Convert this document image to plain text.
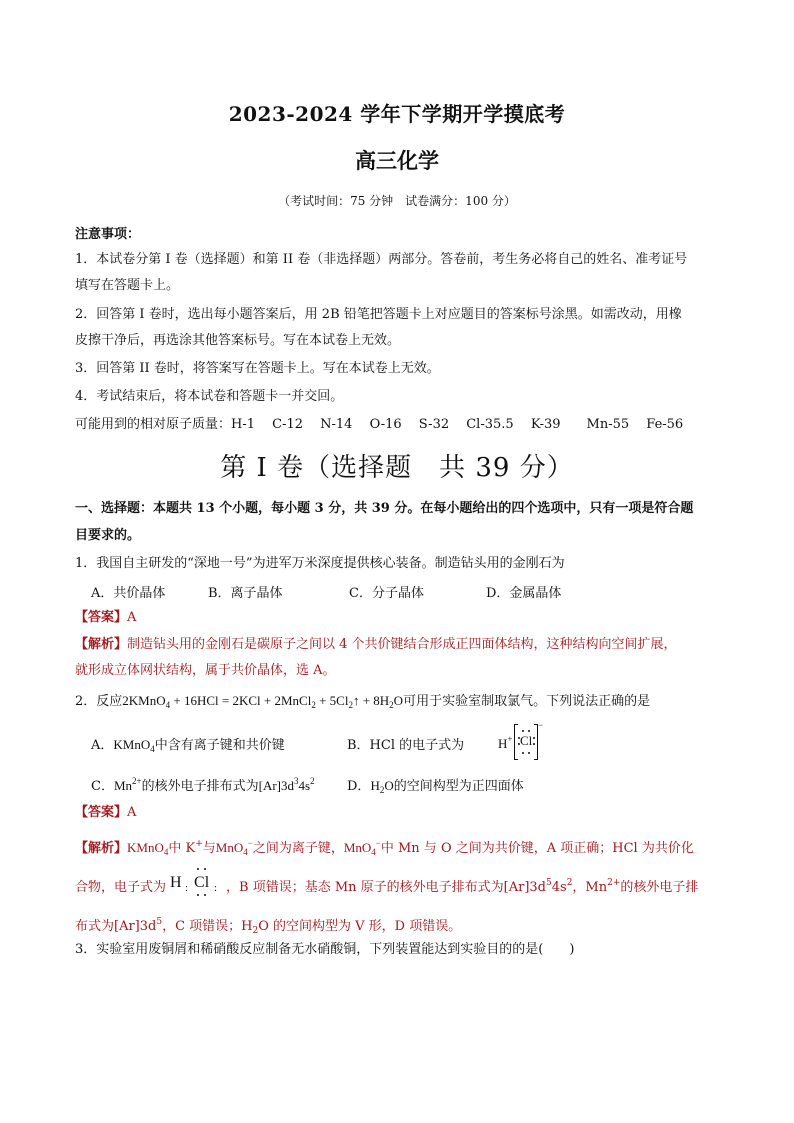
2023-2024 学年下学期开学摸底考
高三化学
（考试时间：75 分钟　试卷满分：100 分）
注意事项：
1．本试卷分第 I 卷（选择题）和第 II 卷（非选择题）两部分。答卷前，考生务必将自己的姓名、准考证号
填写在答题卡上。
2．回答第 I 卷时，选出每小题答案后，用 2B 铅笔把答题卡上对应题目的答案标号涂黑。如需改动，用橡
皮擦干净后，再选涂其他答案标号。写在本试卷上无效。
3．回答第 II 卷时，将答案写在答题卡上。写在本试卷上无效。
4．考试结束后，将本试卷和答题卡一并交回。
可能用到的相对原子质量：H-1　 C-12　 N-14　 O-16　 S-32　 Cl-35.5　 K-39　　Mn-55　 Fe-56
第 I 卷（选择题　共 39 分）
一、选择题：本题共 13 个小题，每小题 3 分，共 39 分。在每小题给出的四个选项中，只有一项是符合题
目要求的。
1．我国自主研发的“深地一号”为进军万米深度提供核心装备。制造钻头用的金刚石为
A．共价晶体	B．离子晶体	C．分子晶体	D．金属晶体
【答案】A
【解析】制造钻头用的金刚石是碳原子之间以 4 个共价键结合形成正四面体结构，这种结构向空间扩展，
就形成立体网状结构，属于共价晶体，选 A。
2．反应2KMnO$_4$ + 16HCl = 2KCl + 2MnCl$_2$ + $5Cl_2↑ + 8H_2O$可用于实验室制取氯气。下列说法正确的是
A．KMnO$_4$中含有离子键和共价键	B．HCl 的电子式为	H+
−
Cl
C．$Mn^{2+}$的核外电子排布式为$[Ar]3d^34s^2$ D．$H_2O$的空间构型为正四面体
【答案】A
【解析】KMnO$_4$中 K+与MnO$_4$−之间为离子键，MnO$_4$−中 Mn 与 O 之间为共价键，A 项正确；HCl 为共价化
合物，电子式为 H : Cl : ，B 项错误；基态 Mn 原子的核外电子排布式为$[Ar]3d^54s^2$，$Mn^{2+}$的核外电子排
布式为$[Ar]3d^5$，C 项错误；$H_2O$ 的空间构型为 V 形，D 项错误。
3．实验室用废铜屑和稀硝酸反应制备无水硝酸铜，下列装置能达到实验目的的是(　　)
